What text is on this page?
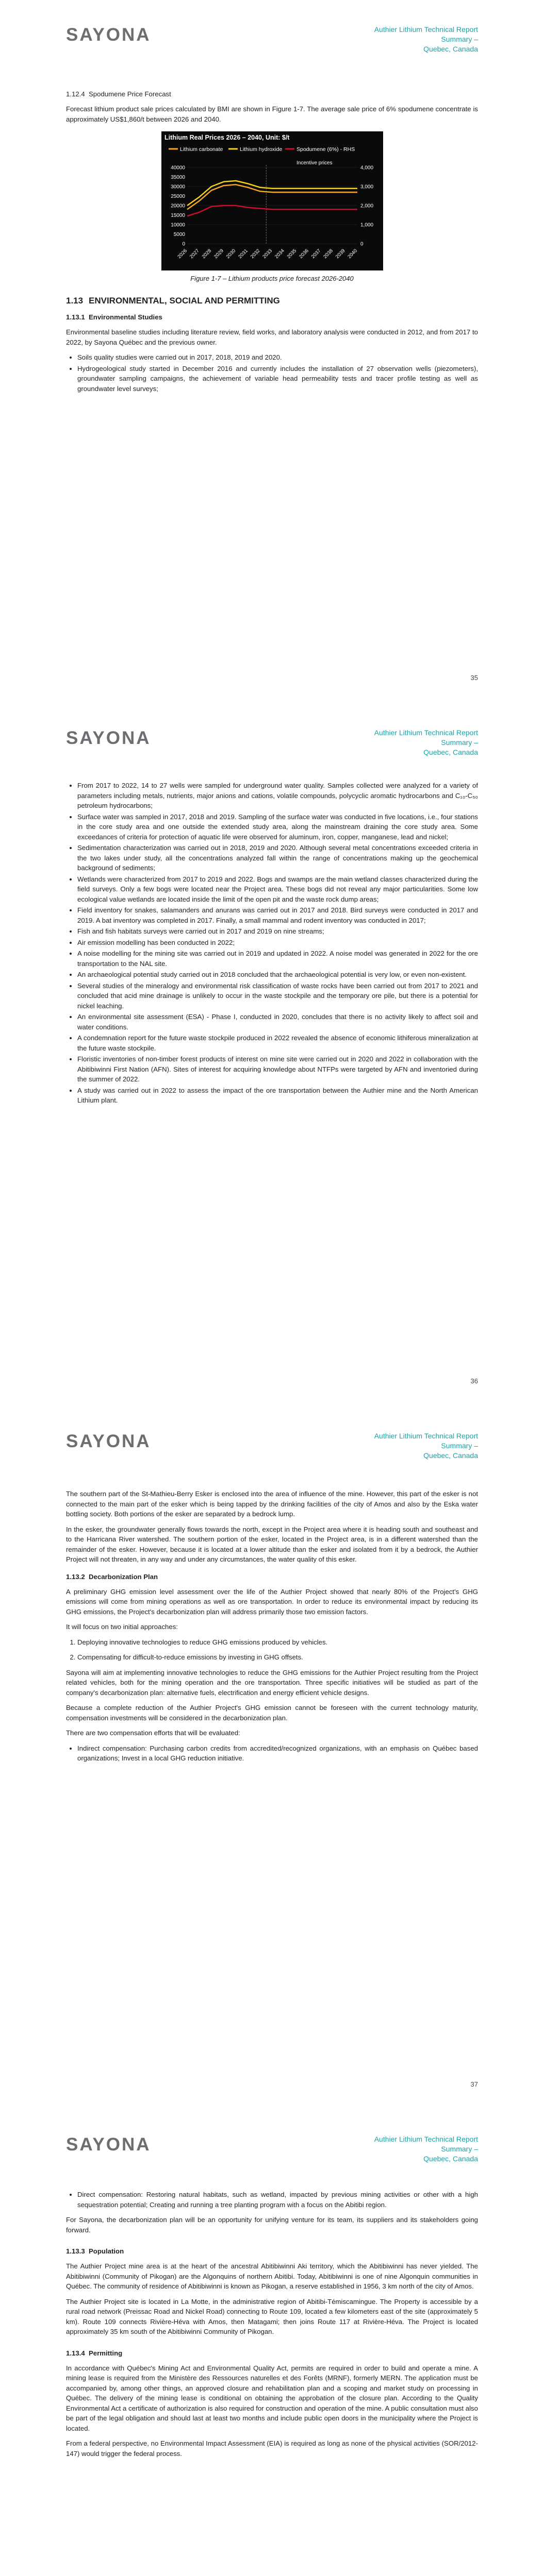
SAYONA	Authier Lithium Technical Report Summary –
Quebec, Canada
1.12.4 Spodumene Price Forecast

Forecast lithium product sale prices calculated by BMI are shown in Figure 1-7. The average sale price of 6% spodumene concentrate is approximately US$1,860/t between 2026 and 2040.

Lithium Real Prices 2026 – 2040, Unit: $/t
Lithium carbonate	Lithium hydroxide	Spodumene (6%) - RHS
40000
35000
30000
25000
20000
15000
10000
5000
0
4,000
3,000
2,000
1,000
0
2026 2027 2028 2029 2030 2031 2032 2033 2034 2035 2036 2037 2038 2039 2040
Incentive prices
Figure 1-7 – Lithium products price forecast 2026-2040
1.13 ENVIRONMENTAL, SOCIAL AND PERMITTING
1.13.1 Environmental Studies

Environmental baseline studies including literature review, field works, and laboratory analysis were conducted in 2012, and from 2017 to 2022, by Sayona Québec and the previous owner.

• Soils quality studies were carried out in 2017, 2018, 2019 and 2020.
• Hydrogeological study started in December 2016 and currently includes the installation of 27 observation wells (piezometers), groundwater sampling campaigns, the achievement of variable head permeability tests and tracer profile testing as well as groundwater level surveys;
35
SAYONA	Authier Lithium Technical Report Summary –
Quebec, Canada
• From 2017 to 2022, 14 to 27 wells were sampled for underground water quality. Samples collected were analyzed for a variety of parameters including metals, nutrients, major anions and cations, volatile compounds, polycyclic aromatic hydrocarbons and C₁₀-C₅₀ petroleum hydrocarbons;
• Surface water was sampled in 2017, 2018 and 2019. Sampling of the surface water was conducted in five locations, i.e., four stations in the core study area and one outside the extended study area, along the mainstream draining the core study area. Some exceedances of criteria for protection of aquatic life were observed for aluminum, iron, copper, manganese, lead and nickel;
• Sedimentation characterization was carried out in 2018, 2019 and 2020. Although several metal concentrations exceeded criteria in the two lakes under study, all the concentrations analyzed fall within the range of concentrations making up the geochemical background of sediments;
• Wetlands were characterized from 2017 to 2019 and 2022. Bogs and swamps are the main wetland classes characterized during the field surveys. Only a few bogs were located near the Project area. These bogs did not reveal any major particularities. Some low ecological value wetlands are located inside the limit of the open pit and the waste rock dump areas;
• Field inventory for snakes, salamanders and anurans was carried out in 2017 and 2018. Bird surveys were conducted in 2017 and 2019. A bat inventory was completed in 2017. Finally, a small mammal and rodent inventory was conducted in 2017;
• Fish and fish habitats surveys were carried out in 2017 and 2019 on nine streams;
• Air emission modelling has been conducted in 2022;
• A noise modelling for the mining site was carried out in 2019 and updated in 2022. A noise model was generated in 2022 for the ore transportation to the NAL site.
• An archaeological potential study carried out in 2018 concluded that the archaeological potential is very low, or even non-existent.
• Several studies of the mineralogy and environmental risk classification of waste rocks have been carried out from 2017 to 2021 and concluded that acid mine drainage is unlikely to occur in the waste stockpile and the temporary ore pile, but there is a potential for nickel leaching.
• An environmental site assessment (ESA) - Phase I, conducted in 2020, concludes that there is no activity likely to affect soil and water conditions.
• A condemnation report for the future waste stockpile produced in 2022 revealed the absence of economic lithiferous mineralization at the future waste stockpile.
• Floristic inventories of non-timber forest products of interest on mine site were carried out in 2020 and 2022 in collaboration with the Abitibiwinni First Nation (AFN). Sites of interest for acquiring knowledge about NTFPs were targeted by AFN and inventoried during the summer of 2022.
• A study was carried out in 2022 to assess the impact of the ore transportation between the Authier mine and the North American Lithium plant.
36
SAYONA	Authier Lithium Technical Report Summary –
Quebec, Canada

The southern part of the St-Mathieu-Berry Esker is enclosed into the area of influence of the mine. However, this part of the esker is not connected to the main part of the esker which is being tapped by the drinking facilities of the city of Amos and also by the Eska water bottling society. Both portions of the esker are separated by a bedrock lump.

In the esker, the groundwater generally flows towards the north, except in the Project area where it is heading south and southeast and to the Harricana River watershed. The southern portion of the esker, located in the Project area, is in a different watershed than the remainder of the esker. However, because it is located at a lower altitude than the esker and isolated from it by a bedrock, the Authier Project will not threaten, in any way and under any circumstances, the water quality of this esker.

1.13.2 Decarbonization Plan

A preliminary GHG emission level assessment over the life of the Authier Project showed that nearly 80% of the Project's GHG emissions will come from mining operations as well as ore transportation. In order to reduce its environmental impact by reducing its GHG emissions, the Project's decarbonization plan will address primarily those two emission factors.

It will focus on two initial approaches:

1. Deploying innovative technologies to reduce GHG emissions produced by vehicles.
2. Compensating for difficult-to-reduce emissions by investing in GHG offsets.

Sayona will aim at implementing innovative technologies to reduce the GHG emissions for the Authier Project resulting from the Project related vehicles, both for the mining operation and the ore transportation. Three specific initiatives will be studied as part of the company's decarbonization plan: alternative fuels, electrification and energy efficient vehicle designs.

Because a complete reduction of the Authier Project's GHG emission cannot be foreseen with the current technology maturity, compensation investments will be considered in the decarbonization plan.

There are two compensation efforts that will be evaluated:

• Indirect compensation: Purchasing carbon credits from accredited/recognized organizations, with an emphasis on Québec based organizations; Invest in a local GHG reduction initiative.
37
SAYONA	Authier Lithium Technical Report Summary –
Quebec, Canada
• Direct compensation: Restoring natural habitats, such as wetland, impacted by previous mining activities or other with a high sequestration potential; Creating and running a tree planting program with a focus on the Abitibi region.

For Sayona, the decarbonization plan will be an opportunity for unifying venture for its team, its suppliers and its stakeholders going forward.

1.13.3 Population

The Authier Project mine area is at the heart of the ancestral Abitibiwinni Aki territory, which the Abitibiwinni has never yielded. The Abitibiwinni (Community of Pikogan) are the Algonquins of northern Abitibi. Today, Abitibiwinni is one of nine Algonquin communities in Québec. The community of residence of Abitibiwinni is known as Pikogan, a reserve established in 1956, 3 km north of the city of Amos.

The Authier Project site is located in La Motte, in the administrative region of Abitibi-Témiscamingue. The Property is accessible by a rural road network (Preissac Road and Nickel Road) connecting to Route 109, located a few kilometers east of the site (approximately 5 km). Route 109 connects Rivière-Héva with Amos, then Matagami; then joins Route 117 at Rivière-Héva. The Project is located approximately 35 km south of the Abitibiwinni Community of Pikogan.

1.13.4 Permitting

In accordance with Québec's Mining Act and Environmental Quality Act, permits are required in order to build and operate a mine. A mining lease is required from the Ministère des Ressources naturelles et des Forêts (MRNF), formerly MERN. The application must be accompanied by, among other things, an approved closure and rehabilitation plan and a scoping and market study on processing in Québec. The delivery of the mining lease is conditional on obtaining the approbation of the closure plan. According to the Quality Environmental Act a certificate of authorization is also required for construction and operation of the mine. A public consultation must also be part of the legal obligation and should last at least two months and include public open doors in the municipality where the Project is located.

From a federal perspective, no Environmental Impact Assessment (EIA) is required as long as none of the physical activities (SOR/2012-147) would trigger the federal process.
